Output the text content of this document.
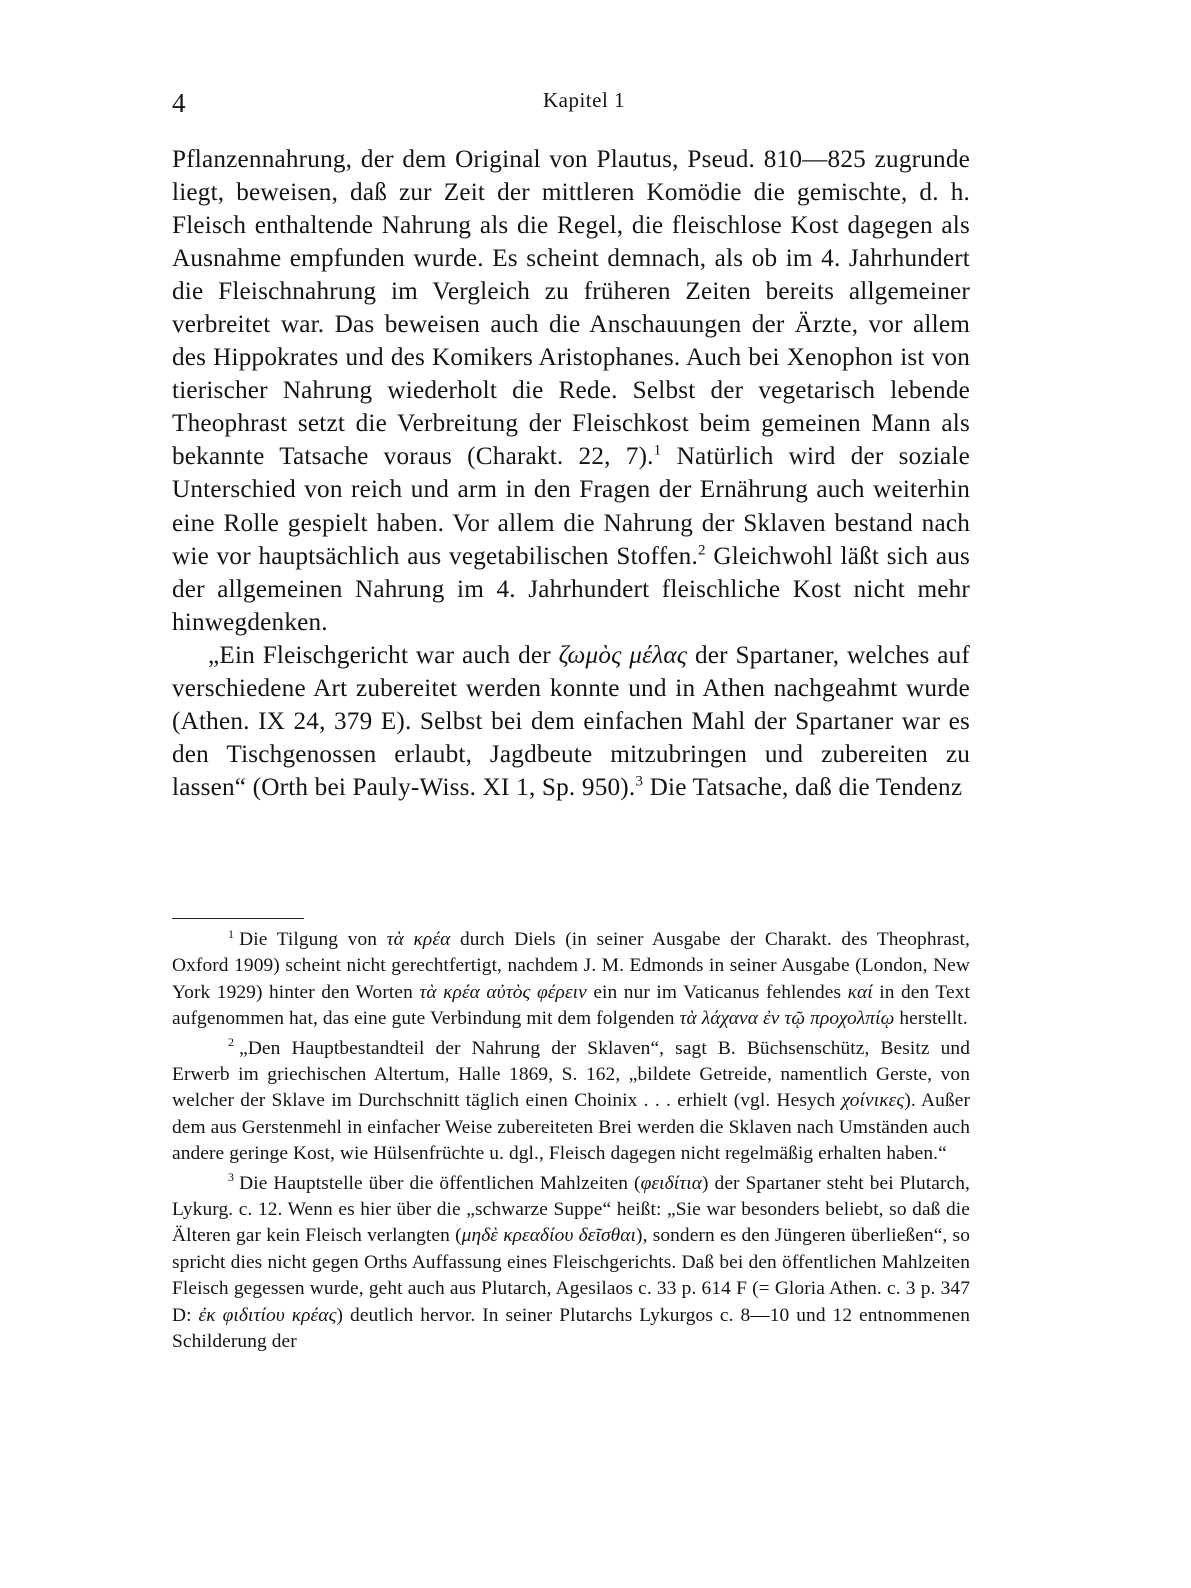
4	Kapitel 1

Pflanzennahrung, der dem Original von Plautus, Pseud. 810—825 zugrunde liegt, beweisen, daß zur Zeit der mittleren Komödie die gemischte, d. h. Fleisch enthaltende Nahrung als die Regel, die fleischlose Kost dagegen als Ausnahme empfunden wurde. Es scheint demnach, als ob im 4. Jahrhundert die Fleischnahrung im Vergleich zu früheren Zeiten bereits allgemeiner verbreitet war. Das beweisen auch die Anschauungen der Ärzte, vor allem des Hippokrates und des Komikers Aristophanes. Auch bei Xenophon ist von tierischer Nahrung wiederholt die Rede. Selbst der vegetarisch lebende Theophrast setzt die Verbreitung der Fleischkost beim gemeinen Mann als bekannte Tatsache voraus (Charakt. 22, 7).$^1$ Natürlich wird der soziale Unterschied von reich und arm in den Fragen der Ernährung auch weiterhin eine Rolle gespielt haben. Vor allem die Nahrung der Sklaven bestand nach wie vor hauptsächlich aus vegetabilischen Stoffen.$^2$ Gleichwohl läßt sich aus der allgemeinen Nahrung im 4. Jahrhundert fleischliche Kost nicht mehr hinwegdenken.

„Ein Fleischgericht war auch der ζωμὸς μέλας der Spartaner, welches auf verschiedene Art zubereitet werden konnte und in Athen nachgeahmt wurde (Athen. IX 24, 379 E). Selbst bei dem einfachen Mahl der Spartaner war es den Tischgenossen erlaubt, Jagdbeute mitzubringen und zubereiten zu lassen“ (Orth bei Pauly-Wiss. XI 1, Sp. 950).$^3$ Die Tatsache, daß die Tendenz

$^1$ Die Tilgung von τὰ κρέα durch Diels (in seiner Ausgabe der Charakt. des Theophrast, Oxford 1909) scheint nicht gerechtfertigt, nachdem J. M. Edmonds in seiner Ausgabe (London, New York 1929) hinter den Worten τὰ κρέα αὐτὸς φέρειν ein nur im Vaticanus fehlendes καί in den Text aufgenommen hat, das eine gute Verbindung mit dem folgenden τὰ λάχανα ἐν τῷ προχολπίῳ herstellt.

$^2$ „Den Hauptbestandteil der Nahrung der Sklaven“, sagt B. Büchsenschütz, Besitz und Erwerb im griechischen Altertum, Halle 1869, S. 162, „bildete Getreide, namentlich Gerste, von welcher der Sklave im Durchschnitt täglich einen Choinix . . . erhielt (vgl. Hesych χοίνικες). Außer dem aus Gerstenmehl in einfacher Weise zubereiteten Brei werden die Sklaven nach Umständen auch andere geringe Kost, wie Hülsenfrüchte u. dgl., Fleisch dagegen nicht regelmäßig erhalten haben.“

$^3$ Die Hauptstelle über die öffentlichen Mahlzeiten (φειδίτια) der Spartaner steht bei Plutarch, Lykurg. c. 12. Wenn es hier über die „schwarze Suppe“ heißt: „Sie war besonders beliebt, so daß die Älteren gar kein Fleisch verlangten (μηδὲ κρεαδίου δεῖσθαι), sondern es den Jüngeren überließen“, so spricht dies nicht gegen Orths Auffassung eines Fleischgerichts. Daß bei den öffentlichen Mahlzeiten Fleisch gegessen wurde, geht auch aus Plutarch, Agesilaos c. 33 p. 614 F (= Gloria Athen. c. 3 p. 347 D: ἐκ φιδιτίου κρέας) deutlich hervor. In seiner Plutarchs Lykurgos c. 8—10 und 12 entnommenen Schilderung der
